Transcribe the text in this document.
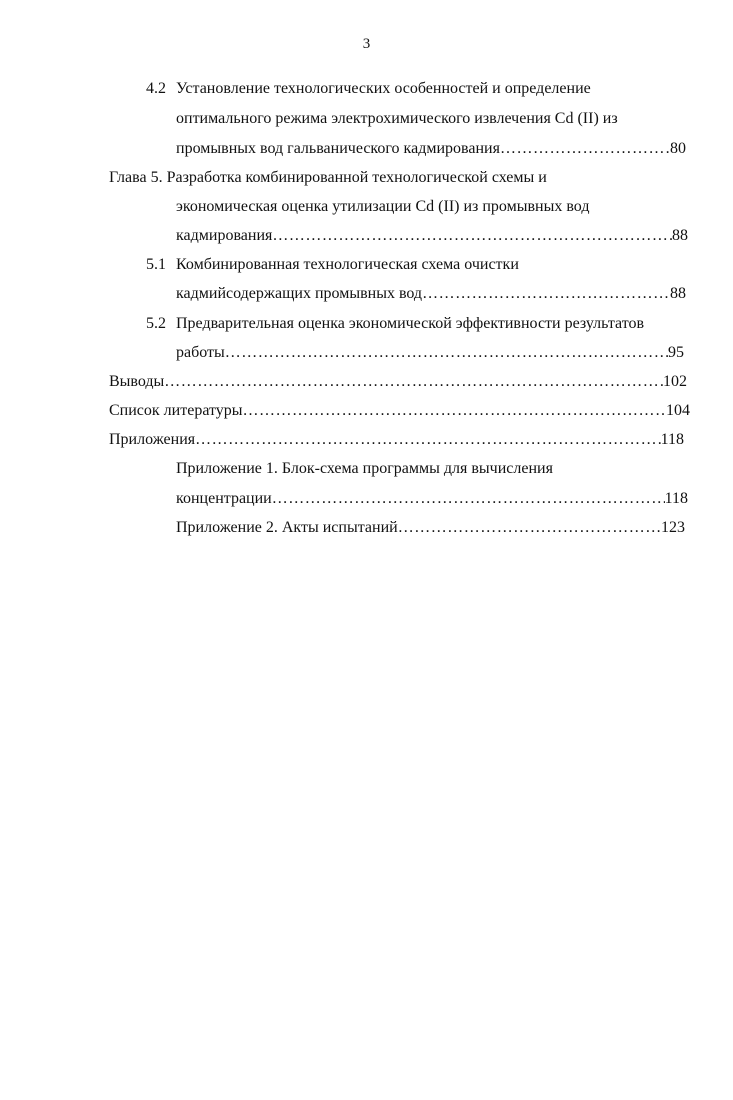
3
4.2 Установление технологических особенностей и определение
оптимального режима электрохимического извлечения Cd (II) из
промывных вод гальванического кадмирования ………………………………………………………………………………………………………………………………………………………………………………………………	80
Глава 5. Разработка комбинированной технологической схемы и
экономическая оценка утилизации Cd (II) из промывных вод
кадмирования ………………………………………………………………………………………………………………………………………………………………………………………………	88
5.1 Комбинированная технологическая схема очистки
кадмийсодержащих промывных вод ………………………………………………………………………………………………………………………………………………………………………………………………	88
5.2 Предварительная оценка экономической эффективности результатов
работы ………………………………………………………………………………………………………………………………………………………………………………………………	95
Выводы ………………………………………………………………………………………………………………………………………………………………………………………………	102
Список литературы ………………………………………………………………………………………………………………………………………………………………………………………………	104
Приложения ………………………………………………………………………………………………………………………………………………………………………………………………	118
Приложение 1. Блок-схема программы для вычисления
концентрации ………………………………………………………………………………………………………………………………………………………………………………………………	118
Приложение 2. Акты испытаний ………………………………………………………………………………………………………………………………………………………………………………………………	123
